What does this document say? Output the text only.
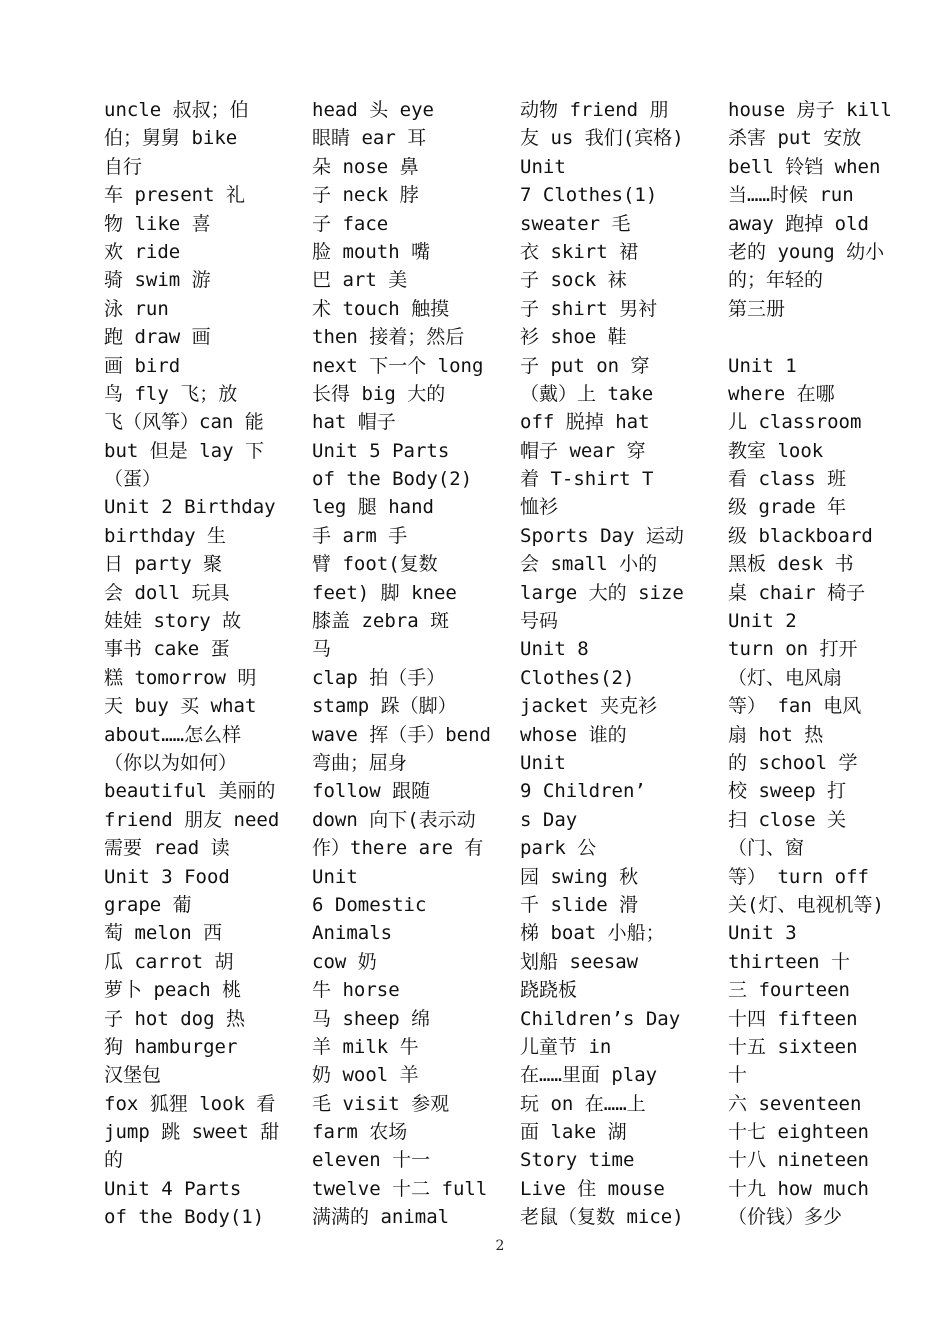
uncle 叔叔；伯
伯；舅舅 bike
自行
车 present 礼
物 like 喜
欢 ride
骑 swim 游
泳 run
跑 draw 画
画 bird
鸟 fly 飞；放
飞（风筝）can 能
but 但是 lay 下
（蛋）
Unit 2 Birthday
birthday 生
日 party 聚
会 doll 玩具
娃娃 story 故
事书 cake 蛋
糕 tomorrow 明
天 buy 买 what
about……怎么样
（你以为如何）
beautiful 美丽的
friend 朋友 need
需要 read 读
Unit 3 Food
grape 葡
萄 melon 西
瓜 carrot 胡
萝卜 peach 桃
子 hot dog 热
狗 hamburger
汉堡包
fox 狐狸 look 看
jump 跳 sweet 甜
的
Unit 4 Parts
of the Body(1)
head 头 eye
眼睛 ear 耳
朵 nose 鼻
子 neck 脖
子 face
脸 mouth 嘴
巴 art 美
术 touch 触摸
then 接着；然后
next 下一个 long
长得 big 大的
hat 帽子
Unit 5 Parts
of the Body(2)
leg 腿 hand
手 arm 手
臂 foot(复数
feet) 脚 knee
膝盖 zebra 斑
马
clap 拍（手）
stamp 跺（脚）
wave 挥（手）bend
弯曲；屈身
follow 跟随
down 向下(表示动
作）there are 有
Unit
6 Domestic
Animals
cow 奶
牛 horse
马 sheep 绵
羊 milk 牛
奶 wool 羊
毛 visit 参观
farm 农场
eleven 十一
twelve 十二 full
满满的 animal
动物 friend 朋
友 us 我们(宾格)
Unit
7 Clothes(1)
sweater 毛
衣 skirt 裙
子 sock 袜
子 shirt 男衬
衫 shoe 鞋
子 put on 穿
（戴）上 take
off 脱掉 hat
帽子 wear 穿
着 T-shirt T
恤衫
Sports Day 运动
会 small 小的
large 大的 size
号码
Unit 8
Clothes(2)
jacket 夹克衫
whose 谁的
Unit
9 Children’
s Day
park 公
园 swing 秋
千 slide 滑
梯 boat 小船；
划船 seesaw
跷跷板
Children’s Day
儿童节 in
在……里面 play
玩 on 在……上
面 lake 湖
Story time
Live 住 mouse
老鼠（复数 mice)
house 房子 kill
杀害 put 安放
bell 铃铛 when
当……时候 run
away 跑掉 old
老的 young 幼小
的；年轻的
第三册
Unit 1
where 在哪
儿 classroom
教室 look
看 class 班
级 grade 年
级 blackboard
黑板 desk 书
桌 chair 椅子
Unit 2
turn on 打开
（灯、电风扇
等） fan 电风
扇 hot 热
的 school 学
校 sweep 打
扫 close 关
（门、窗
等） turn off
关(灯、电视机等)
Unit 3
thirteen 十
三 fourteen
十四 fifteen
十五 sixteen
十
六 seventeen
十七 eighteen
十八 nineteen
十九 how much
（价钱）多少
2
